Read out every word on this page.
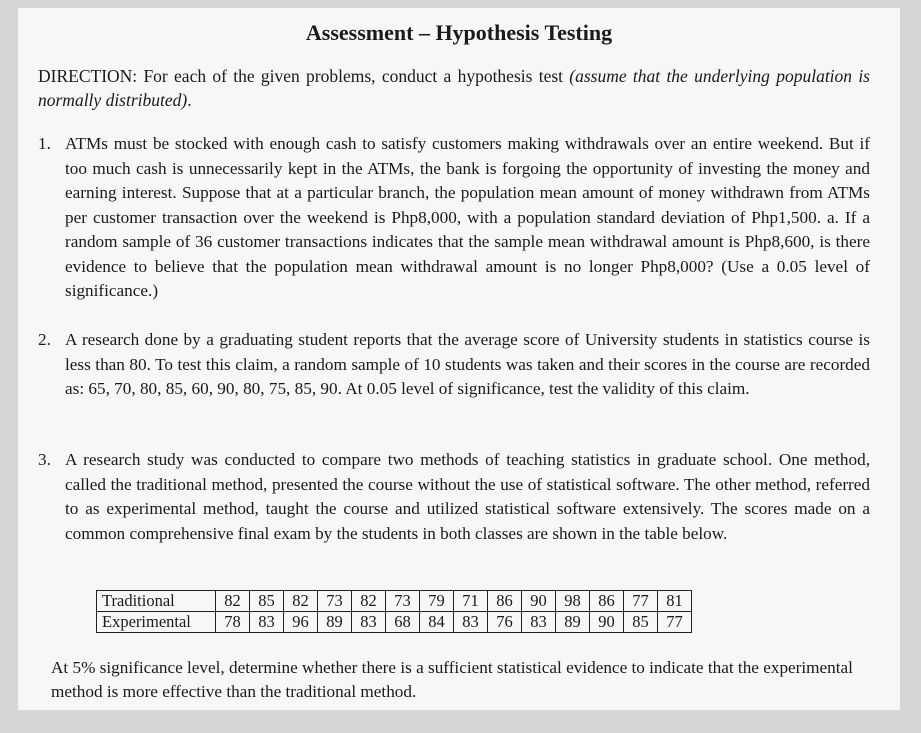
Assessment – Hypothesis Testing
DIRECTION: For each of the given problems, conduct a hypothesis test (assume that the underlying population is normally distributed).
1. ATMs must be stocked with enough cash to satisfy customers making withdrawals over an entire weekend. But if too much cash is unnecessarily kept in the ATMs, the bank is forgoing the opportunity of investing the money and earning interest. Suppose that at a particular branch, the population mean amount of money withdrawn from ATMs per customer transaction over the weekend is Php8,000, with a population standard deviation of Php1,500. a. If a random sample of 36 customer transactions indicates that the sample mean withdrawal amount is Php8,600, is there evidence to believe that the population mean withdrawal amount is no longer Php8,000? (Use a 0.05 level of significance.)
2. A research done by a graduating student reports that the average score of University students in statistics course is less than 80. To test this claim, a random sample of 10 students was taken and their scores in the course are recorded as: 65, 70, 80, 85, 60, 90, 80, 75, 85, 90. At 0.05 level of significance, test the validity of this claim.
3. A research study was conducted to compare two methods of teaching statistics in graduate school. One method, called the traditional method, presented the course without the use of statistical software. The other method, referred to as experimental method, taught the course and utilized statistical software extensively. The scores made on a common comprehensive final exam by the students in both classes are shown in the table below.
Traditional	82	85	82	73	82	73	79	71	86	90	98	86	77	81
Experimental	78	83	96	89	83	68	84	83	76	83	89	90	85	77
At 5% significance level, determine whether there is a sufficient statistical evidence to indicate that the experimental method is more effective than the traditional method.
